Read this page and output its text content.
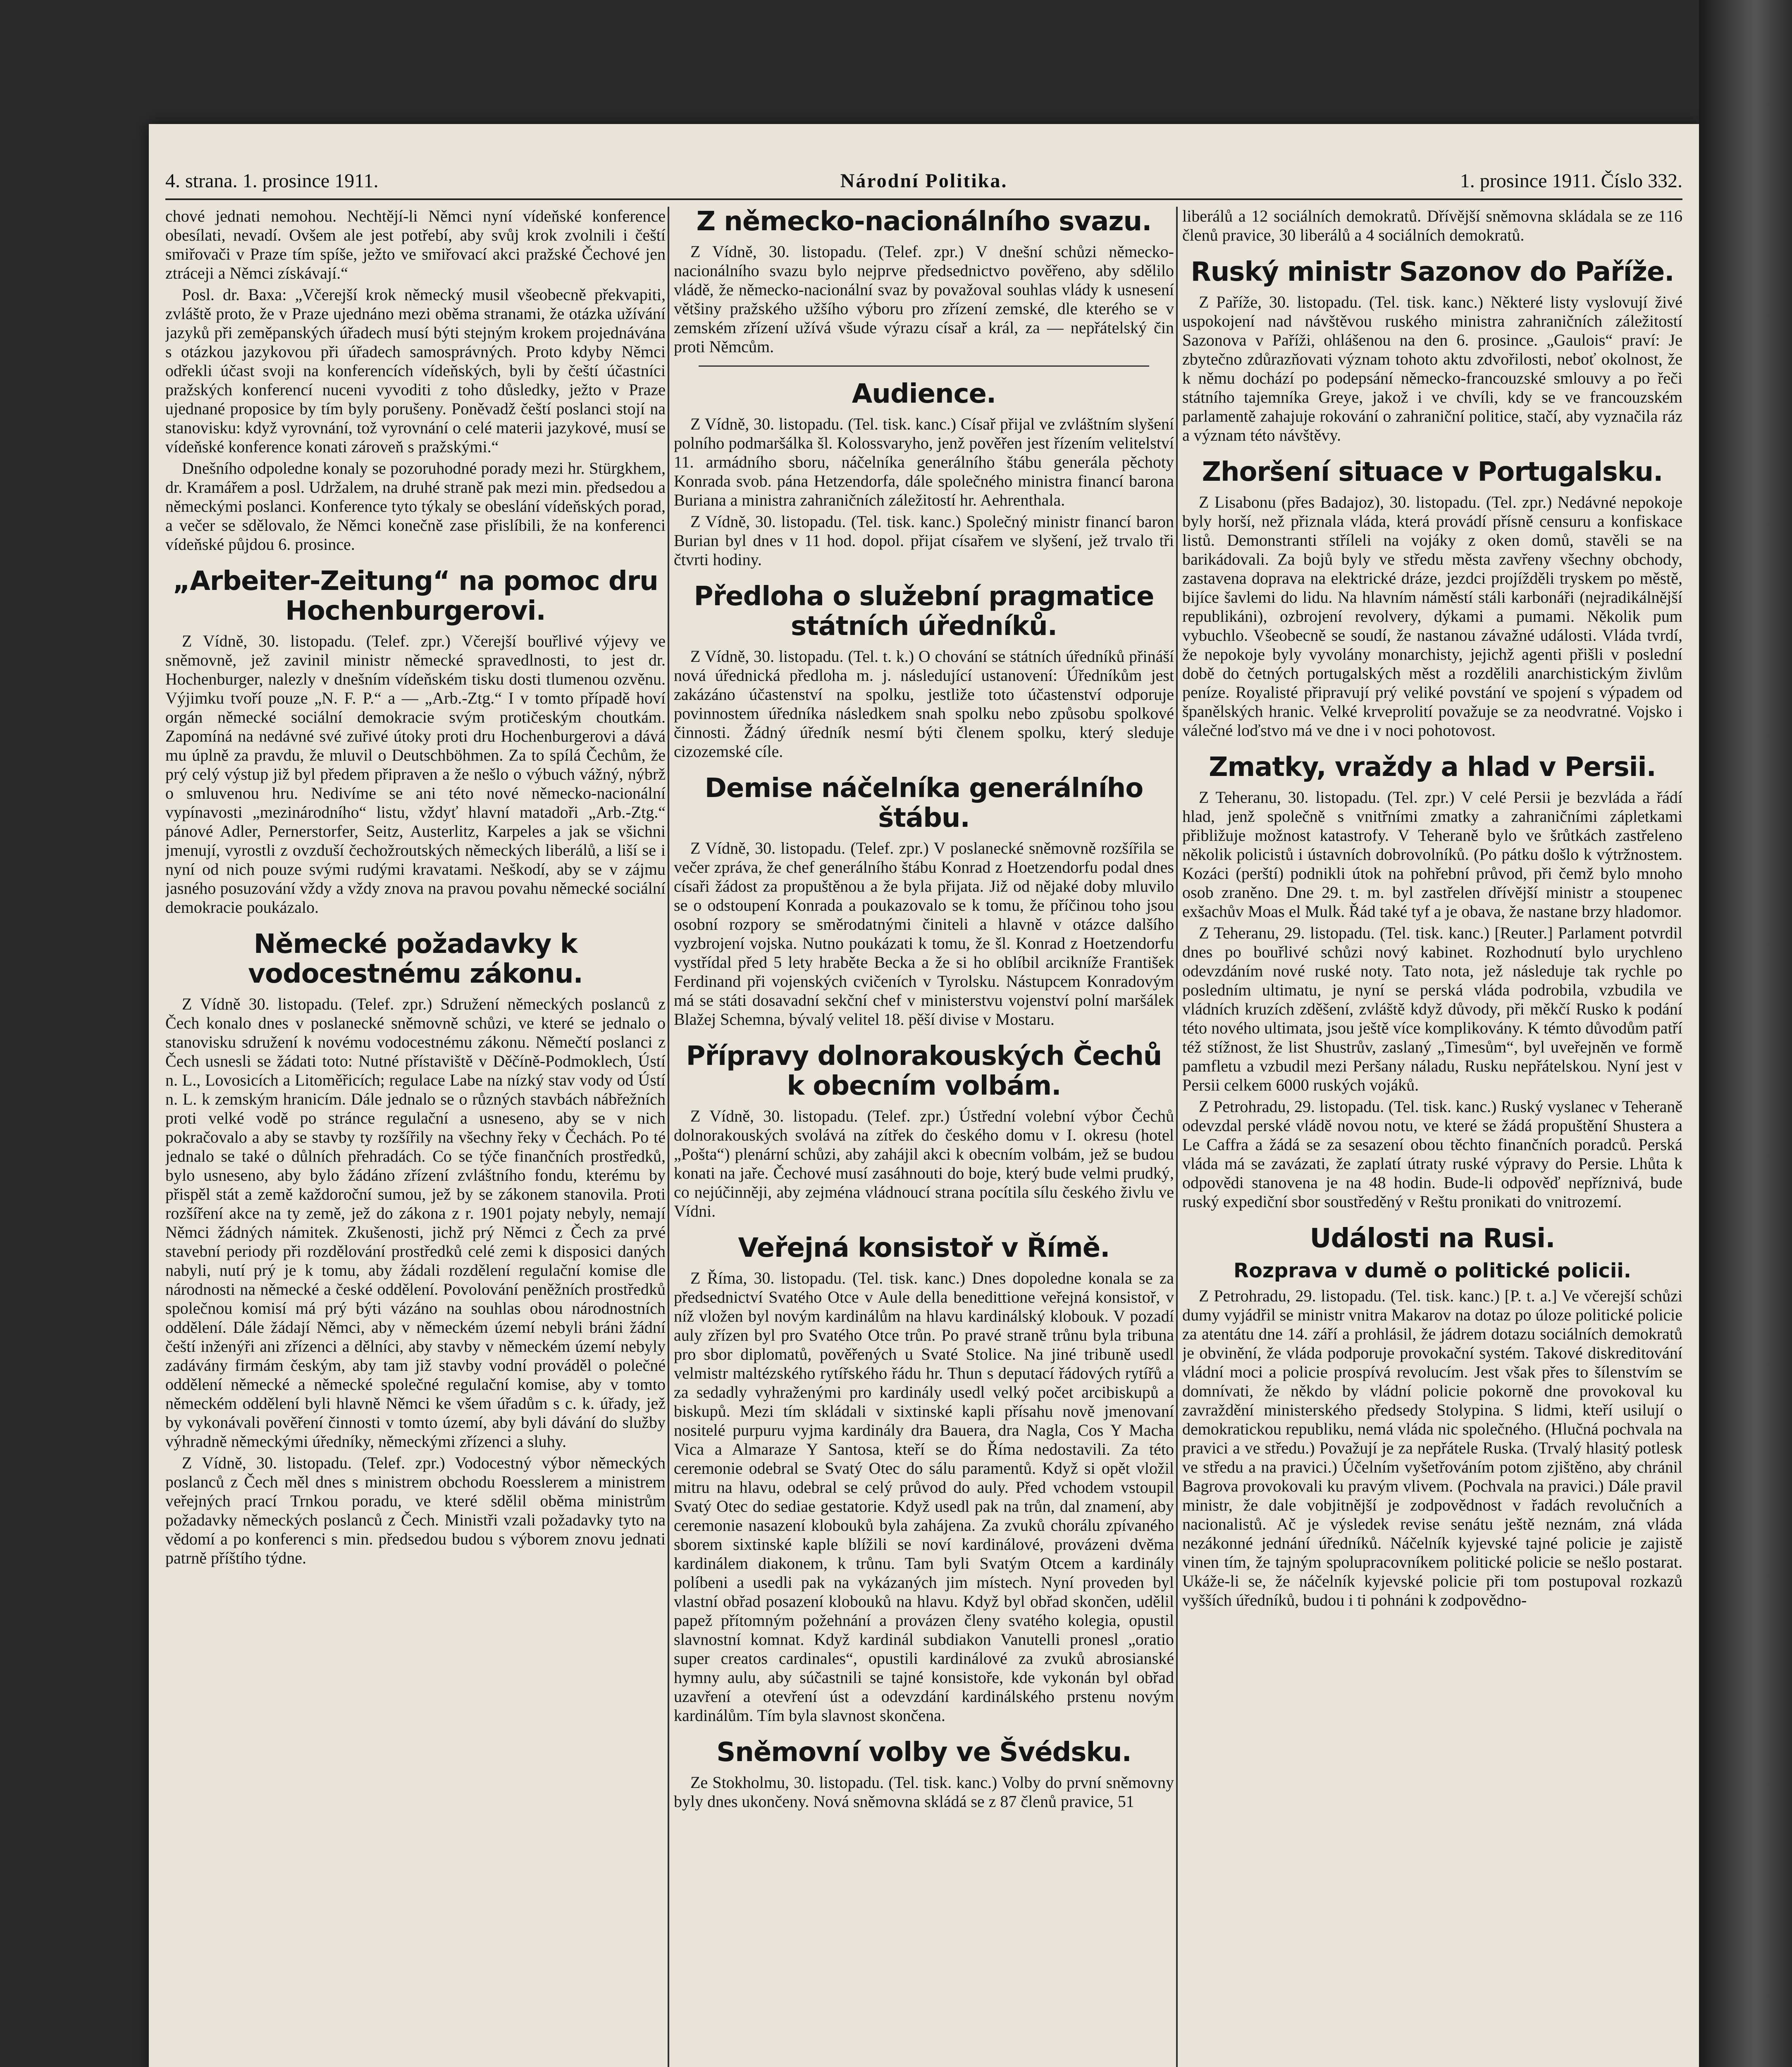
4. strana. 1. prosince 1911.	Národní Politika.	1. prosince 1911. Číslo 332.

chové jednati nemohou. Nechtějí-li Němci nyní vídeňské konference obesílati, nevadí. Ovšem ale jest potřebí, aby svůj krok zvolnili i čeští smiřovači v Praze tím spíše, ježto ve smiřovací akci pražské Čechové jen ztráceji a Němci získávají.“

Posl. dr. Baxa: „Včerejší krok německý musil všeobecně překvapiti, zvláště proto, že v Praze ujednáno mezi oběma stranami, že otázka užívání jazyků při zeměpanských úřadech musí býti stejným krokem projednávána s otázkou jazykovou při úřadech samosprávných. Proto kdyby Němci odřekli účast svoji na konferencích vídeňských, byli by čeští účastníci pražských konferencí nuceni vyvoditi z toho důsledky, ježto v Praze ujednané proposice by tím byly porušeny. Poněvadž čeští poslanci stojí na stanovisku: když vyrovnání, tož vyrovnání o celé materii jazykové, musí se vídeňské konference konati zároveň s pražskými.“

Dnešního odpoledne konaly se pozoruhodné porady mezi hr. Stürgkhem, dr. Kramářem a posl. Udržalem, na druhé straně pak mezi min. předsedou a německými poslanci. Konference tyto týkaly se obeslání vídeňských porad, a večer se sdělovalo, že Němci konečně zase přislíbili, že na konferenci vídeňské půjdou 6. prosince.

„Arbeiter-Zeitung“ na pomoc dru Hochenburgerovi.

Z Vídně, 30. listopadu. (Telef. zpr.) Včerejší bouřlivé výjevy ve sněmovně, jež zavinil ministr německé spravedlnosti, to jest dr. Hochenburger, nalezly v dnešním vídeňském tisku dosti tlumenou ozvěnu. Výjimku tvoří pouze „N. F. P.“ a — „Arb.-Ztg.“ I v tomto případě hoví orgán německé sociální demokracie svým protičeským choutkám. Zapomíná na nedávné své zuřivé útoky proti dru Hochenburgerovi a dává mu úplně za pravdu, že mluvil o Deutschböhmen. Za to spílá Čechům, že prý celý výstup již byl předem připraven a že nešlo o výbuch vážný, nýbrž o smluvenou hru. Nedivíme se ani této nové německo-nacionální vypínavosti „mezinárodního“ listu, vždyť hlavní matadoři „Arb.-Ztg.“ pánové Adler, Pernerstorfer, Seitz, Austerlitz, Karpeles a jak se všichni jmenují, vyrostli z ovzduší čechožroutských německých liberálů, a liší se i nyní od nich pouze svými rudými kravatami. Neškodí, aby se v zájmu jasného posuzování vždy a vždy znova na pravou povahu německé sociální demokracie poukázalo.

Německé požadavky k vodocestnému zákonu.

Z Vídně 30. listopadu. (Telef. zpr.) Sdružení německých poslanců z Čech konalo dnes v poslanecké sněmovně schůzi, ve které se jednalo o stanovisku sdružení k novému vodocestnému zákonu. Němečtí poslanci z Čech usnesli se žádati toto: Nutné přístaviště v Děčíně-Podmoklech, Ústí n. L., Lovosicích a Litoměřicích; regulace Labe na nízký stav vody od Ústí n. L. k zemským hranicím. Dále jednalo se o různých stavbách nábřežních proti velké vodě po stránce regulační a usneseno, aby se v nich pokračovalo a aby se stavby ty rozšířily na všechny řeky v Čechách. Po té jednalo se také o důlních přehradách. Co se týče finančních prostředků, bylo usneseno, aby bylo žádáno zřízení zvláštního fondu, kterému by přispěl stát a země každoroční sumou, jež by se zákonem stanovila. Proti rozšíření akce na ty země, jež do zákona z r. 1901 pojaty nebyly, nemají Němci žádných námitek. Zkušenosti, jichž prý Němci z Čech za prvé stavební periody při rozdělování prostředků celé zemi k disposici daných nabyli, nutí prý je k tomu, aby žádali rozdělení regulační komise dle národnosti na německé a české oddělení. Povolování peněžních prostředků společnou komisí má prý býti vázáno na souhlas obou národnostních oddělení. Dále žádají Němci, aby v německém území nebyli bráni žádní čeští inženýři ani zřízenci a dělníci, aby stavby v německém území nebyly zadávány firmám českým, aby tam již stavby vodní prováděl o polečné oddělení německé a německé společné regulační komise, aby v tomto německém oddělení byli hlavně Němci ke všem úřadům s c. k. úřady, jež by vykonávali pověření činnosti v tomto území, aby byli dávání do služby výhradně německými úředníky, německými zřízenci a sluhy.

Z Vídně, 30. listopadu. (Telef. zpr.) Vodocestný výbor německých poslanců z Čech měl dnes s ministrem obchodu Roesslerem a ministrem veřejných prací Trnkou poradu, ve které sdělil oběma ministrům požadavky německých poslanců z Čech. Ministři vzali požadavky tyto na vědomí a po konferenci s min. předsedou budou s výborem znovu jednati patrně příštího týdne.

Z německo-nacionálního svazu.

Z Vídně, 30. listopadu. (Telef. zpr.) V dnešní schůzi německo-nacionálního svazu bylo nejprve předsednictvo pověřeno, aby sdělilo vládě, že německo-nacionální svaz by považoval souhlas vlády k usnesení většiny pražského užšího výboru pro zřízení zemské, dle kterého se v zemském zřízení užívá všude výrazu císař a král, za — nepřátelský čin proti Němcům.

Audience.

Z Vídně, 30. listopadu. (Tel. tisk. kanc.) Císař přijal ve zvláštním slyšení polního podmaršálka šl. Kolossvaryho, jenž pověřen jest řízením velitelství 11. armádního sboru, náčelníka generálního štábu generála pěchoty Konrada svob. pána Hetzendorfa, dále společného ministra financí barona Buriana a ministra zahraničních záležitostí hr. Aehrenthala.

Z Vídně, 30. listopadu. (Tel. tisk. kanc.) Společný ministr financí baron Burian byl dnes v 11 hod. dopol. přijat císařem ve slyšení, jež trvalo tři čtvrti hodiny.

Předloha o služební pragmatice státních úředníků.

Z Vídně, 30. listopadu. (Tel. t. k.) O chování se státních úředníků přináší nová úřednická předloha m. j. následující ustanovení: Úředníkům jest zakázáno účastenství na spolku, jestliže toto účastenství odporuje povinnostem úředníka následkem snah spolku nebo způsobu spolkové činnosti. Žádný úředník nesmí býti členem spolku, který sleduje cizozemské cíle.

Demise náčelníka generálního štábu.

Z Vídně, 30. listopadu. (Telef. zpr.) V poslanecké sněmovně rozšířila se večer zpráva, že chef generálního štábu Konrad z Hoetzendorfu podal dnes císaři žádost za propuštěnou a že byla přijata. Již od nějaké doby mluvilo se o odstoupení Konrada a poukazovalo se k tomu, že příčinou toho jsou osobní rozpory se směrodatnými činiteli a hlavně v otázce dalšího vyzbrojení vojska. Nutno poukázati k tomu, že šl. Konrad z Hoetzendorfu vystřídal před 5 lety hraběte Becka a že si ho oblíbil arcikníže František Ferdinand při vojenských cvičeních v Tyrolsku. Nástupcem Konradovým má se státi dosavadní sekční chef v ministerstvu vojenství polní maršálek Blažej Schemna, bývalý velitel 18. pěší divise v Mostaru.

Přípravy dolnorakouských Čechů k obecním volbám.

Z Vídně, 30. listopadu. (Telef. zpr.) Ústřední volební výbor Čechů dolnorakouských svolává na zítřek do českého domu v I. okresu (hotel „Pošta“) plenární schůzi, aby zahájil akci k obecním volbám, jež se budou konati na jaře. Čechové musí zasáhnouti do boje, který bude velmi prudký, co nejúčinněji, aby zejména vládnoucí strana pocítila sílu českého živlu ve Vídni.

Veřejná konsistoř v Římě.

Z Říma, 30. listopadu. (Tel. tisk. kanc.) Dnes dopoledne konala se za předsednictví Svatého Otce v Aule della benedittione veřejná konsistoř, v níž vložen byl novým kardinálům na hlavu kardinálský klobouk. V pozadí auly zřízen byl pro Svatého Otce trůn. Po pravé straně trůnu byla tribuna pro sbor diplomatů, pověřených u Svaté Stolice. Na jiné tribuně usedl velmistr maltézského rytířského řádu hr. Thun s deputací řádových rytířů a za sedadly vyhraženými pro kardinály usedl velký počet arcibiskupů a biskupů. Mezi tím skládali v sixtinské kapli přísahu nově jmenovaní nositelé purpuru vyjma kardinály dra Bauera, dra Nagla, Cos Y Macha Vica a Almaraze Y Santosa, kteří se do Říma nedostavili. Za této ceremonie odebral se Svatý Otec do sálu paramentů. Když si opět vložil mitru na hlavu, odebral se celý průvod do auly. Před vchodem vstoupil Svatý Otec do sediae gestatorie. Když usedl pak na trůn, dal znamení, aby ceremonie nasazení klobouků byla zahájena. Za zvuků chorálu zpívaného sborem sixtinské kaple blížili se noví kardinálové, provázeni dvěma kardinálem diakonem, k trůnu. Tam byli Svatým Otcem a kardinály políbeni a usedli pak na vykázaných jim místech. Nyní proveden byl vlastní obřad posazení klobouků na hlavu. Když byl obřad skončen, udělil papež přítomným požehnání a provázen členy svatého kolegia, opustil slavnostní komnat. Když kardinál subdiakon Vanutelli pronesl „oratio super creatos cardinales“, opustili kardinálové za zvuků abrosianské hymny aulu, aby súčastnili se tajné konsistoře, kde vykonán byl obřad uzavření a otevření úst a odevzdání kardinálského prstenu novým kardinálům. Tím byla slavnost skončena.

Sněmovní volby ve Švédsku.

Ze Stokholmu, 30. listopadu. (Tel. tisk. kanc.) Volby do první sněmovny byly dnes ukončeny. Nová sněmovna skládá se z 87 členů pravice, 51

liberálů a 12 sociálních demokratů. Dřívější sněmovna skládala se ze 116 členů pravice, 30 liberálů a 4 sociálních demokratů.

Ruský ministr Sazonov do Paříže.

Z Paříže, 30. listopadu. (Tel. tisk. kanc.) Některé listy vyslovují živé uspokojení nad návštěvou ruského ministra zahraničních záležitostí Sazonova v Paříži, ohlášenou na den 6. prosince. „Gaulois“ praví: Je zbytečno zdůrazňovati význam tohoto aktu zdvořilosti, neboť okolnost, že k němu dochází po podepsání německo-francouzské smlouvy a po řeči státního tajemníka Greye, jakož i ve chvíli, kdy se ve francouzském parlamentě zahajuje rokování o zahraniční politice, stačí, aby vyznačila ráz a význam této návštěvy.

Zhoršení situace v Portugalsku.

Z Lisabonu (přes Badajoz), 30. listopadu. (Tel. zpr.) Nedávné nepokoje byly horší, než přiznala vláda, která provádí přísně censuru a konfiskace listů. Demonstranti stříleli na vojáky z oken domů, stavěli se na barikádovali. Za bojů byly ve středu města zavřeny všechny obchody, zastavena doprava na elektrické dráze, jezdci projížděli tryskem po městě, bijíce šavlemi do lidu. Na hlavním náměstí stáli karbonáři (nejradikálnější republikáni), ozbrojení revolvery, dýkami a pumami. Několik pum vybuchlo. Všeobecně se soudí, že nastanou závažné události. Vláda tvrdí, že nepokoje byly vyvolány monarchisty, jejichž agenti přišli v poslední době do četných portugalských měst a rozdělili anarchistickým živlům peníze. Royalisté připravují prý veliké povstání ve spojení s výpadem od španělských hranic. Velké krveprolití považuje se za neodvratné. Vojsko i válečné loďstvo má ve dne i v noci pohotovost.

Zmatky, vraždy a hlad v Persii.

Z Teheranu, 30. listopadu. (Tel. zpr.) V celé Persii je bezvláda a řádí hlad, jenž společně s vnitřními zmatky a zahraničními zápletkami přibližuje možnost katastrofy. V Teheraně bylo ve šrůtkách zastřeleno několik policistů i ústavních dobrovolníků. (Po pátku došlo k výtržnostem. Kozáci (perští) podnikli útok na pohřební průvod, při čemž bylo mnoho osob zraněno. Dne 29. t. m. byl zastřelen dřívější ministr a stoupenec exšachův Moas el Mulk. Řád také tyf a je obava, že nastane brzy hladomor.

Z Teheranu, 29. listopadu. (Tel. tisk. kanc.) [Reuter.] Parlament potvrdil dnes po bouřlivé schůzi nový kabinet. Rozhodnutí bylo urychleno odevzdáním nové ruské noty. Tato nota, jež následuje tak rychle po posledním ultimatu, je nyní se perská vláda podrobila, vzbudila ve vládních kruzích zděšení, zvláště když důvody, při měkčí Rusko k podání této nového ultimata, jsou ještě více komplikovány. K témto důvodům patří též stížnost, že list Shustrův, zaslaný „Timesům“, byl uveřejněn ve formě pamfletu a vzbudil mezi Peršany náladu, Rusku nepřátelskou. Nyní jest v Persii celkem 6000 ruských vojáků.

Z Petrohradu, 29. listopadu. (Tel. tisk. kanc.) Ruský vyslanec v Teheraně odevzdal perské vládě novou notu, ve které se žádá propuštění Shustera a Le Caffra a žádá se za sesazení obou těchto finančních poradců. Perská vláda má se zavázati, že zaplatí útraty ruské výpravy do Persie. Lhůta k odpovědi stanovena je na 48 hodin. Bude-li odpověď nepříznivá, bude ruský expediční sbor soustředěný v Reštu pronikati do vnitrozemí.

Události na Rusi.
Rozprava v dumě o politické policii.

Z Petrohradu, 29. listopadu. (Tel. tisk. kanc.) [P. t. a.] Ve včerejší schůzi dumy vyjádřil se ministr vnitra Makarov na dotaz po úloze politické policie za atentátu dne 14. září a prohlásil, že jádrem dotazu sociálních demokratů je obvinění, že vláda podporuje provokační systém. Takové diskreditování vládní moci a policie prospívá revolucím. Jest však přes to šílenstvím se domnívati, že někdo by vládní policie pokorně dne provokoval ku zavraždění ministerského předsedy Stolypina. S lidmi, kteří usilují o demokratickou republiku, nemá vláda nic společného. (Hlučná pochvala na pravici a ve středu.) Považují je za nepřátele Ruska. (Trvalý hlasitý potlesk ve středu a na pravici.) Účelním vyšetřováním potom zjištěno, aby chránil Bagrova provokovali ku pravým vlivem. (Pochvala na pravici.) Dále pravil ministr, že dale vobjitnější je zodpovědnost v řadách revolučních a nacionalistů. Ač je výsledek revise senátu ještě neznám, zná vláda nezákonné jednání úředníků. Náčelník kyjevské tajné policie je zajistě vinen tím, že tajným spolupracovníkem politické policie se nešlo postarat. Ukáže-li se, že náčelník kyjevské policie při tom postupoval rozkazů vyšších úředníků, budou i ti pohnáni k zodpovědno-
